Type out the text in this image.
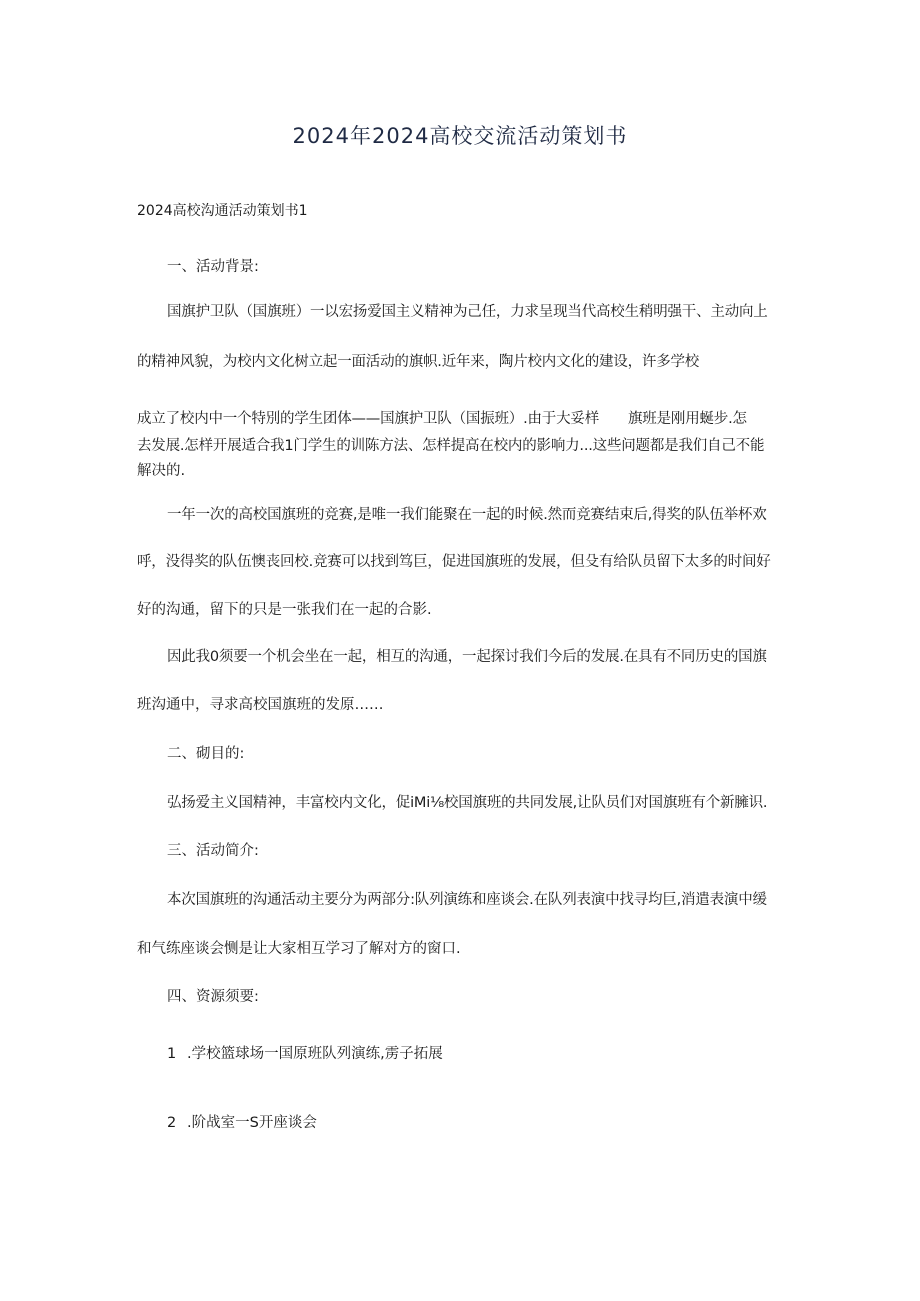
2024年2024高校交流活动策划书
2024高校沟通活动策划书1
一、活动背景:
国旗护卫队（国旗班）一以宏扬爱国主义精神为己任，力求呈现当代高校生稍明强干、主动向上
的精神风貌，为校内文化树立起一面活动的旗帜.近年来，陶片校内文化的建设，许多学校
成立了校内中一个特別的学生团体——国旗护卫队（国振班）.由于大妥样 旗班是刚用蜒步.怎
去发展.怎样开展适合我1门学生的训陈方法、怎样提高在校内的影响力...这些问题都是我们自己不能
解决的.
一年一次的高校国旗班的竞赛,是唯一我们能聚在一起的时候.然而竞赛结束后,得奖的队伍举杯欢
呼，没得奖的队伍懊丧回校.竞赛可以找到笃巨，促进国旗班的发展，但殳有给队员留下太多的时间好
好的沟通，留下的只是一张我们在一起的合影.
因此我0须要一个机会坐在一起，相互的沟通，一起探讨我们今后的发展.在具有不同历史的国旗
班沟通中，寻求高校国旗班的发原……
二、砌目的:
弘扬爱主义国精神，丰富校内文化，促iMi⅛校国旗班的共同发展,让队员们对国旗班有个新臃识.
三、活动简介:
本次国旗班的沟通活动主要分为两部分:队列演练和座谈会.在队列表演中找寻均巨,消遣表演中缓
和气练座谈会恻是让大家相互学习了解对方的窗口.
四、资源须要:
1 .学校篮球场一国原班队列演练,雳子拓展
2 .阶战室一S开座谈会
